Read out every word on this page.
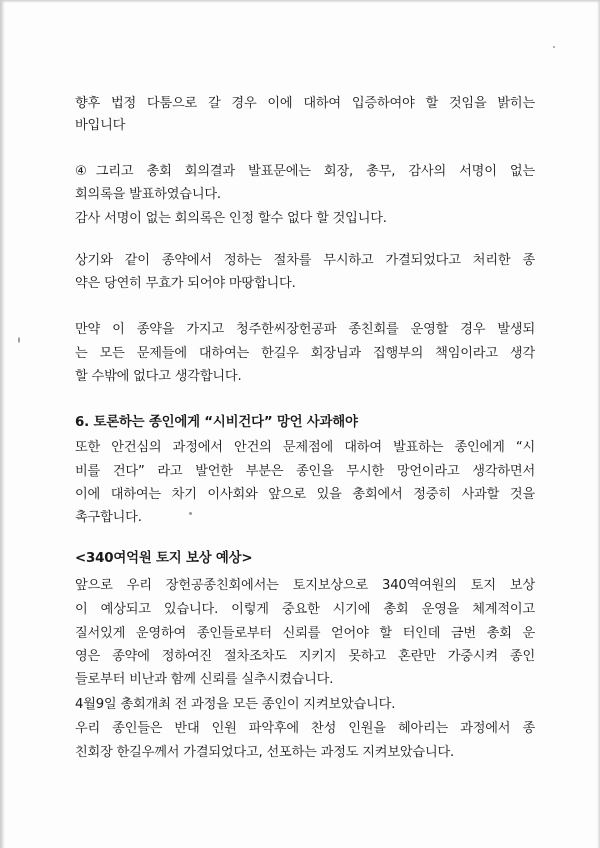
향후 법정 다툼으로 갈 경우 이에 대하여 입증하여야 할 것임을 밝히는
바입니다
④그리고 총회 회의결과 발표문에는 회장, 총무, 감사의 서명이 없는
회의록을 발표하였습니다.
감사 서명이 없는 회의록은 인정 할수 없다 할 것입니다.
상기와 같이 종약에서 정하는 절차를 무시하고 가결되었다고 처리한 종
약은 당연히 무효가 되어야 마땅합니다.
만약 이 종약을 가지고 청주한씨장헌공파 종친회를 운영할 경우 발생되
는 모든 문제들에 대하여는 한길우 회장님과 집행부의 책임이라고 생각
할 수밖에 없다고 생각합니다.
6. 토론하는 종인에게 “시비건다” 망언 사과해야
또한 안건심의 과정에서 안건의 문제점에 대하여 발표하는 종인에게 “시
비를 건다” 라고 발언한 부분은 종인을 무시한 망언이라고 생각하면서
이에 대하여는 차기 이사회와 앞으로 있을 총회에서 정중히 사과할 것을
촉구합니다.
<340여억원 토지 보상 예상>
앞으로 우리 장헌공종친회에서는 토지보상으로 340역여원의 토지 보상
이 예상되고 있습니다. 이렇게 중요한 시기에 총회 운영을 체계적이고
질서있게 운영하여 종인들로부터 신뢰를 얻어야 할 터인데 금번 총회 운
영은 종약에 정하여진 절차조차도 지키지 못하고 혼란만 가중시켜 종인
들로부터 비난과 함께 신뢰를 실추시켰습니다.
4월9일 총회개최 전 과정을 모든 종인이 지켜보았습니다.
우리 종인들은 반대 인원 파악후에 찬성 인원을 헤아리는 과정에서 종
친회장 한길우께서 가결되었다고, 선포하는 과정도 지켜보았습니다.
